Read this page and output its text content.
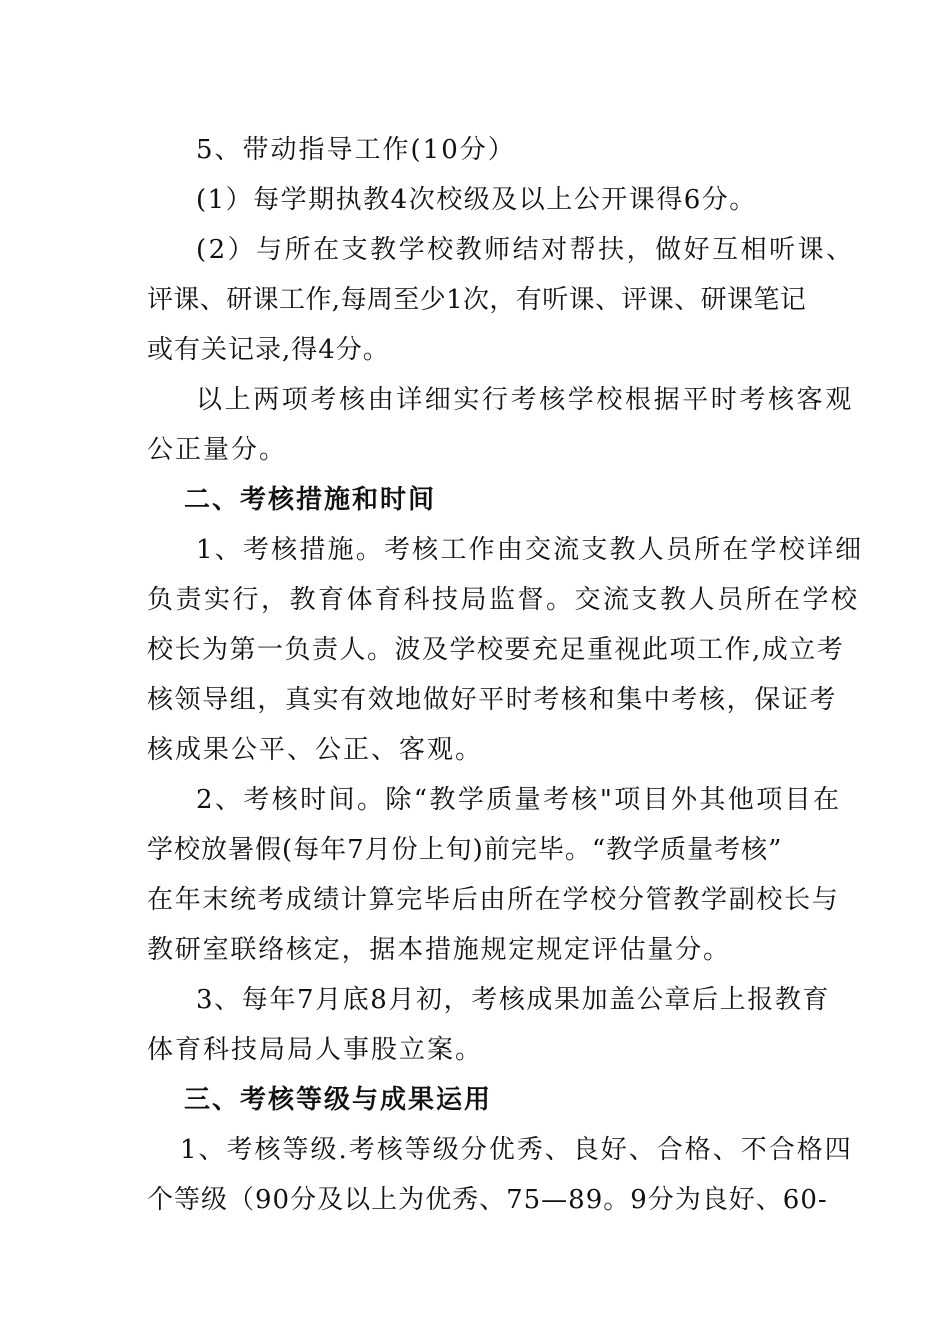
5、带动指导工作(10分）
(1）每学期执教4次校级及以上公开课得6分。
(2）与所在支教学校教师结对帮扶，做好互相听课、
评课、研课工作,每周至少1次，有听课、评课、研课笔记
或有关记录,得4分。
以上两项考核由详细实行考核学校根据平时考核客观
公正量分。
二、考核措施和时间
1、考核措施。考核工作由交流支教人员所在学校详细
负责实行，教育体育科技局监督。交流支教人员所在学校
校长为第一负责人。波及学校要充足重视此项工作,成立考
核领导组，真实有效地做好平时考核和集中考核，保证考
核成果公平、公正、客观。
2、考核时间。除“教学质量考核"项目外其他项目在
学校放暑假(每年7月份上旬)前完毕。“教学质量考核”
在年末统考成绩计算完毕后由所在学校分管教学副校长与
教研室联络核定，据本措施规定规定评估量分。
3、每年7月底8月初，考核成果加盖公章后上报教育
体育科技局局人事股立案。
三、考核等级与成果运用
1、考核等级.考核等级分优秀、良好、合格、不合格四
个等级（90分及以上为优秀、75—89。9分为良好、60-
